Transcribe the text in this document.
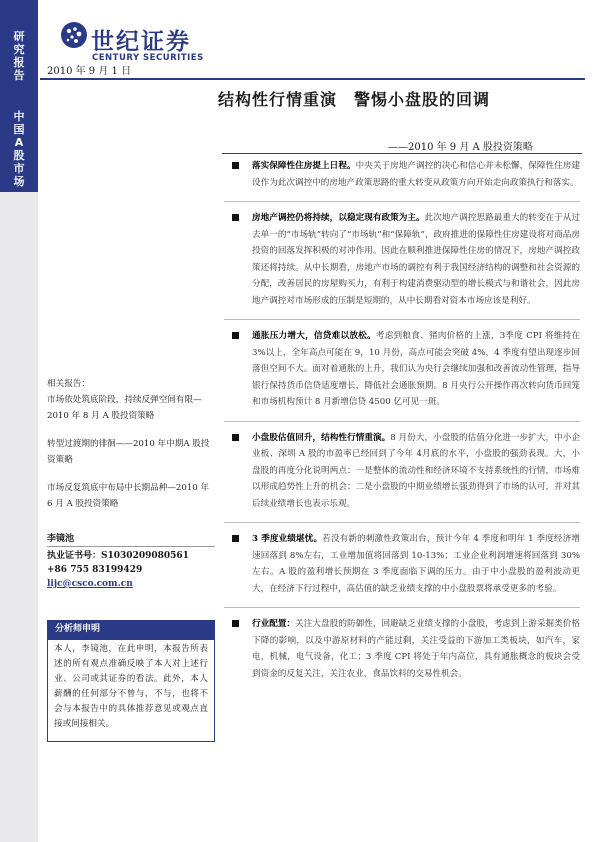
研
究
报
告
中
国
A
股
市
场
世纪证券
CENTURY SECURITIES
2010 年 9 月 1 日
结构性行情重演　警惕小盘股的回调
——2010 年 9 月 A 股投资策略

落实保障性住房提上日程。中央关于房地产调控的决心和信心并未松懈，保障性住房建设作为此次调控中的房地产政策思路的重大转变从政策方向开始走向政策执行和落实。

房地产调控仍将持续，以稳定现有政策为主。此次地产调控思路最重大的转变在于从过去单一的“市场轨”转向了“市场轨”和“保障轨”，政府推进的保障性住房建设将对商品房投资的回落发挥积极的对冲作用。因此在顺利推进保障性住房的情况下，房地产调控政策还将持续。从中长期看，房地产市场的调控有利于我国经济结构的调整和社会资源的分配，改善居民的房屋购买力，有利于构建消费驱动型的增长模式与和谐社会，因此房地产调控对市场形成的压制是短期的，从中长期看对资本市场应该是利好。

通胀压力增大，信贷难以放松。考虑到粮食、猪肉价格的上涨，3季度 CPI 将维持在 3%以上，全年高点可能在 9，10 月份，高点可能会突破 4%，4 季度有望出现逐步回落但空间不大。面对着通胀的上升，我们认为央行会继续加强和改善流动性管理，指导银行保持货币信贷适度增长，降低社会通胀预期。8 月央行公开操作再次转向货币回笼和市场机构预计 8 月新增信贷 4500 亿可见一斑。

小盘股估值回升，结构性行情重演。8 月份大，小盘股的估值分化进一步扩大，中小企业板、深圳 A 股的市盈率已经回到了今年 4月底的水平，小盘股的强劲表现。大，小盘股的再度分化说明两点：一是整体的流动性和经济环境不支持系统性的行情，市场难以形成趋势性上升的机会；二是小盘股的中期业绩增长强劲得到了市场的认可，并对其后续业绩增长也表示乐观。

3 季度业绩堪忧。若没有新的刺激性政策出台，预计今年 4 季度和明年 1 季度经济增速回落到 8%左右，工业增加值将回落到 10-13%；工业企业利润增速将回落到 30%左右。A 股的盈利增长预期在 3 季度面临下调的压力。由于中小盘股的盈利波动更大，在经济下行过程中，高估值的缺乏业绩支撑的中小盘股票将承受更多的考验。

行业配置：关注大盘股的防御性，回避缺乏业绩支撑的小盘股，考虑到上游采掘类价格下降的影响，以及中游原材料的产能过剩，关注受益的下游加工类板块，如汽车，家电，机械，电气设备，化工；3 季度 CPI 将处于年内高位，具有通胀概念的板块会受到资金的反复关注，关注农业，食品饮料的交易性机会。

相关报告：

市场依处筑底阶段，持续反弹空间有限—2010 年 8 月 A 股投资策略

转型过渡期的徘徊——2010 年中期A 股投资策略

市场反复筑底中布局中长期品种—2010 年 6 月 A 股投资策略

李镜池
执业证书号：S1030209080561
+86 755 83199429
lijc@csco.com.cn
分析师申明
本人，李镜池，在此申明，本报告所表述的所有观点准确反映了本人对上述行业、公司或其证券的看法。此外，本人薪酬的任何部分不曾与，不与，也将不会与本报告中的具体推荐意见或观点直接或间接相关。
